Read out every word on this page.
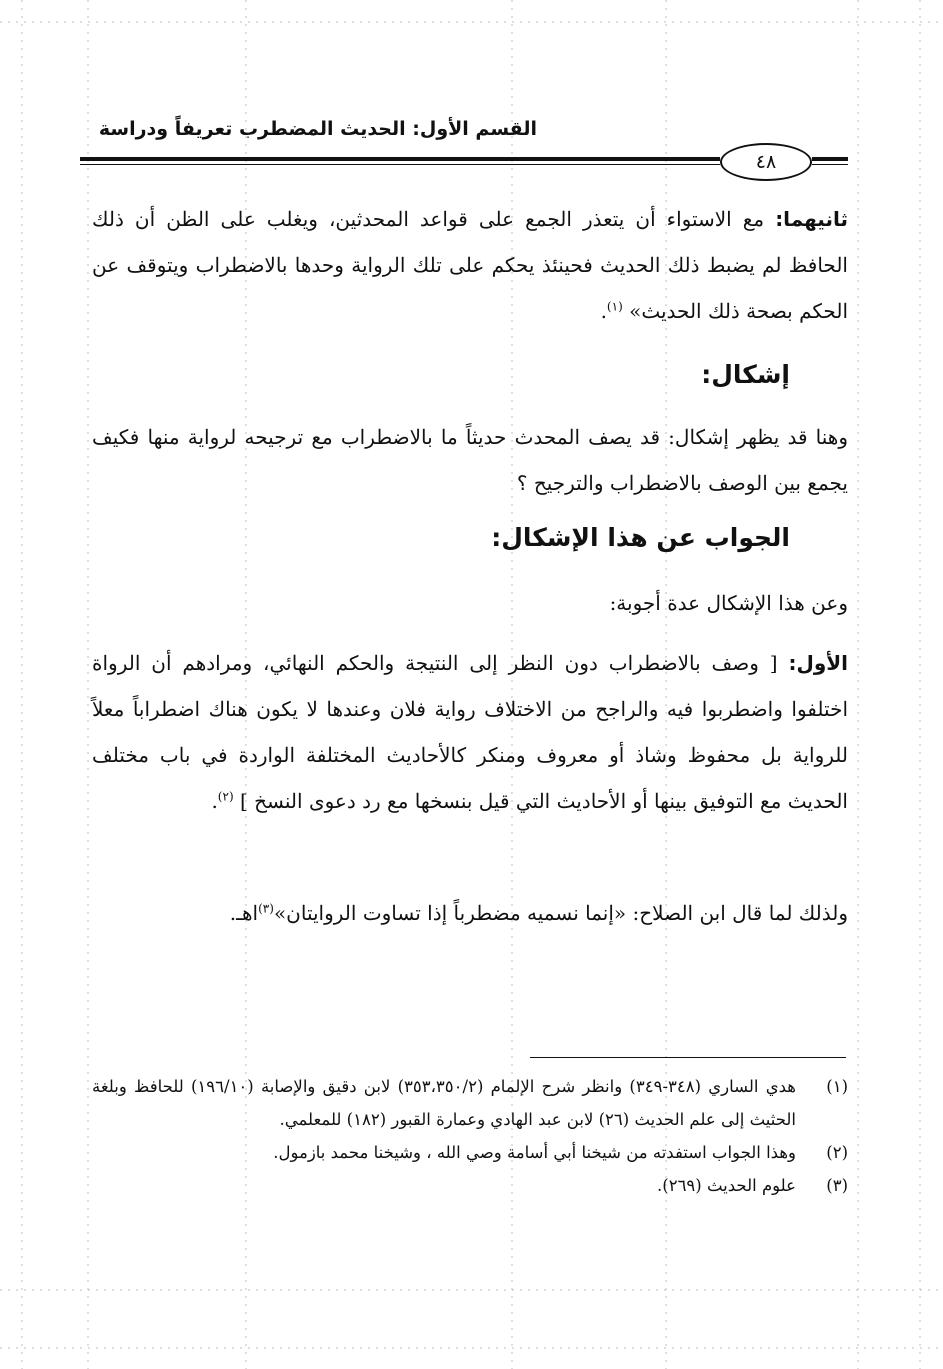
القسم الأول: الحديث المضطرب تعريفاً ودراسة
٤٨

ثانيهما: مع الاستواء أن يتعذر الجمع على قواعد المحدثين، ويغلب على الظن أن ذلك الحافظ لم يضبط ذلك الحديث فحينئذ يحكم على تلك الرواية وحدها بالاضطراب ويتوقف عن الحكم بصحة ذلك الحديث» $^{(١)}$.

إشكال:

وهنا قد يظهر إشكال: قد يصف المحدث حديثاً ما بالاضطراب مع ترجيحه لرواية منها فكيف يجمع بين الوصف بالاضطراب والترجيح ؟

الجواب عن هذا الإشكال:

وعن هذا الإشكال عدة أجوبة:

الأول: [ وصف بالاضطراب دون النظر إلى النتيجة والحكم النهائي، ومرادهم أن الرواة اختلفوا واضطربوا فيه والراجح من الاختلاف رواية فلان وعندها لا يكون هناك اضطراباً معلاً للرواية بل محفوظ وشاذ أو معروف ومنكر كالأحاديث المختلفة الواردة في باب مختلف الحديث مع التوفيق بينها أو الأحاديث التي قيل بنسخها مع رد دعوى النسخ ] $^{(٢)}$.

ولذلك لما قال ابن الصلاح: «إنما نسميه مضطرباً إذا تساوت الروايتان»$^{(٣)}$اهـ.

(١)
هدي الساري (٣٤٨-٣٤٩) وانظر شرح الإلمام (٣٥٣،٣٥٠/٢) لابن دقيق والإصابة (١٩٦/١٠) للحافظ وبلغة الحثيث إلى علم الحديث (٢٦) لابن عبد الهادي وعمارة القبور (١٨٢) للمعلمي.
(٢)
وهذا الجواب استفدته من شيخنا أبي أسامة وصي الله ، وشيخنا محمد بازمول.
(٣)
علوم الحديث (٢٦٩).
